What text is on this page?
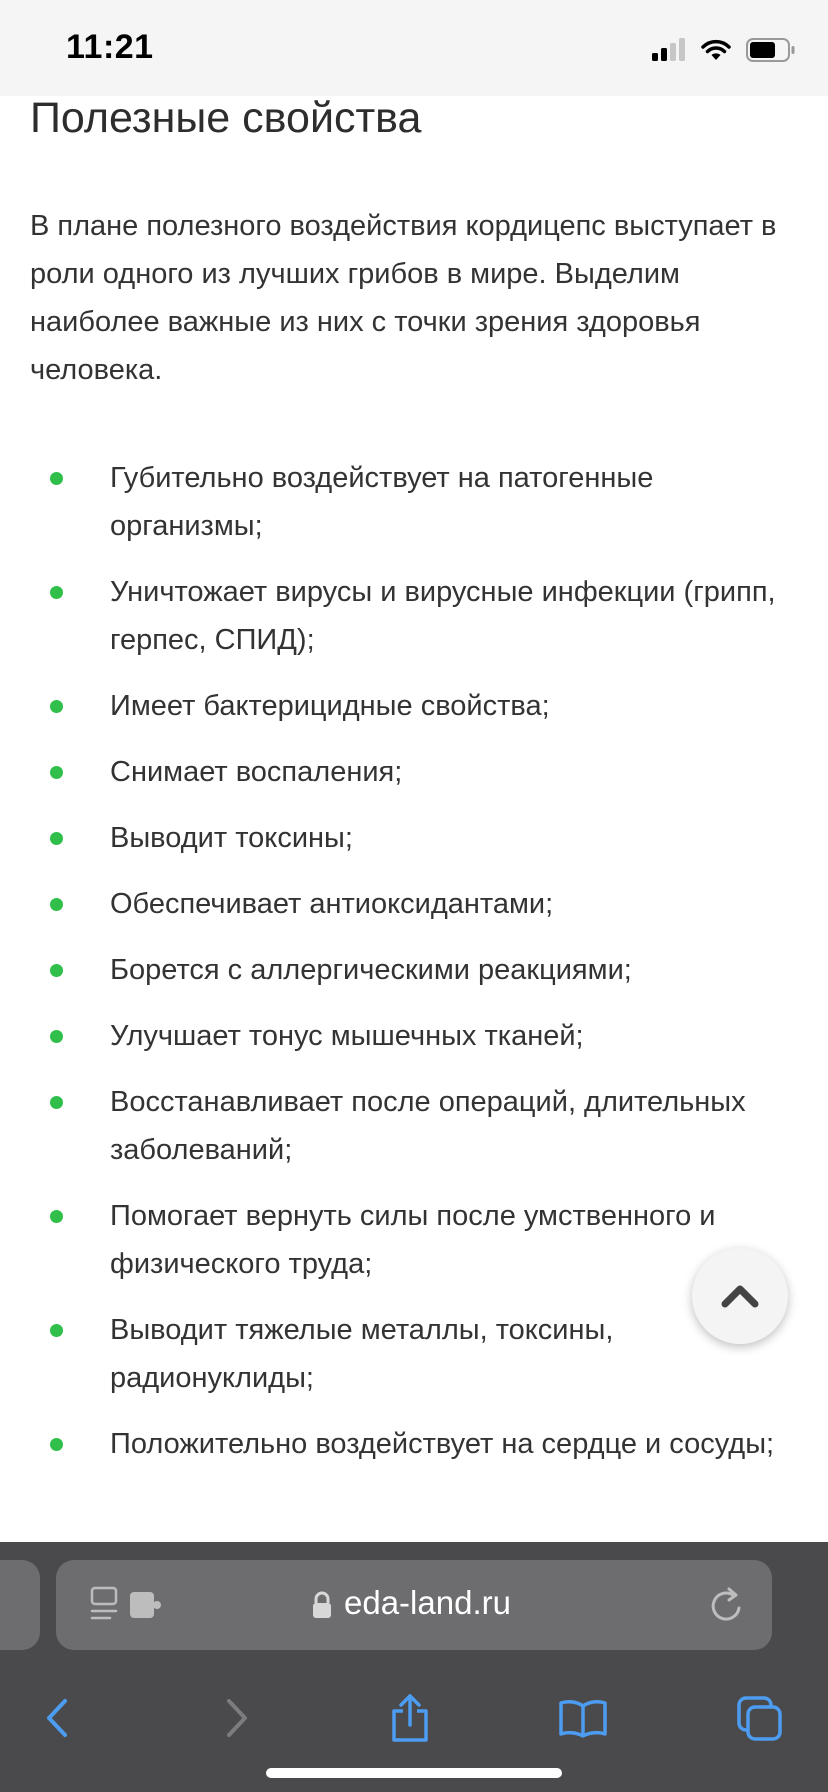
11:21
Полезные свойства

В плане полезного воздействия кордицепс выступает в роли одного из лучших грибов в мире. Выделим наиболее важные из них с точки зрения здоровья человека.

Губительно воздействует на патогенные организмы;
Уничтожает вирусы и вирусные инфекции (грипп, герпес, СПИД);
Имеет бактерицидные свойства;
Снимает воспаления;
Выводит токсины;
Обеспечивает антиоксидантами;
Борется с аллергическими реакциями;
Улучшает тонус мышечных тканей;
Восстанавливает после операций, длительных заболеваний;
Помогает вернуть силы после умственного и физического труда;
Выводит тяжелые металлы, токсины, радионуклиды;
Положительно воздействует на сердце и сосуды;
eda-land.ru
